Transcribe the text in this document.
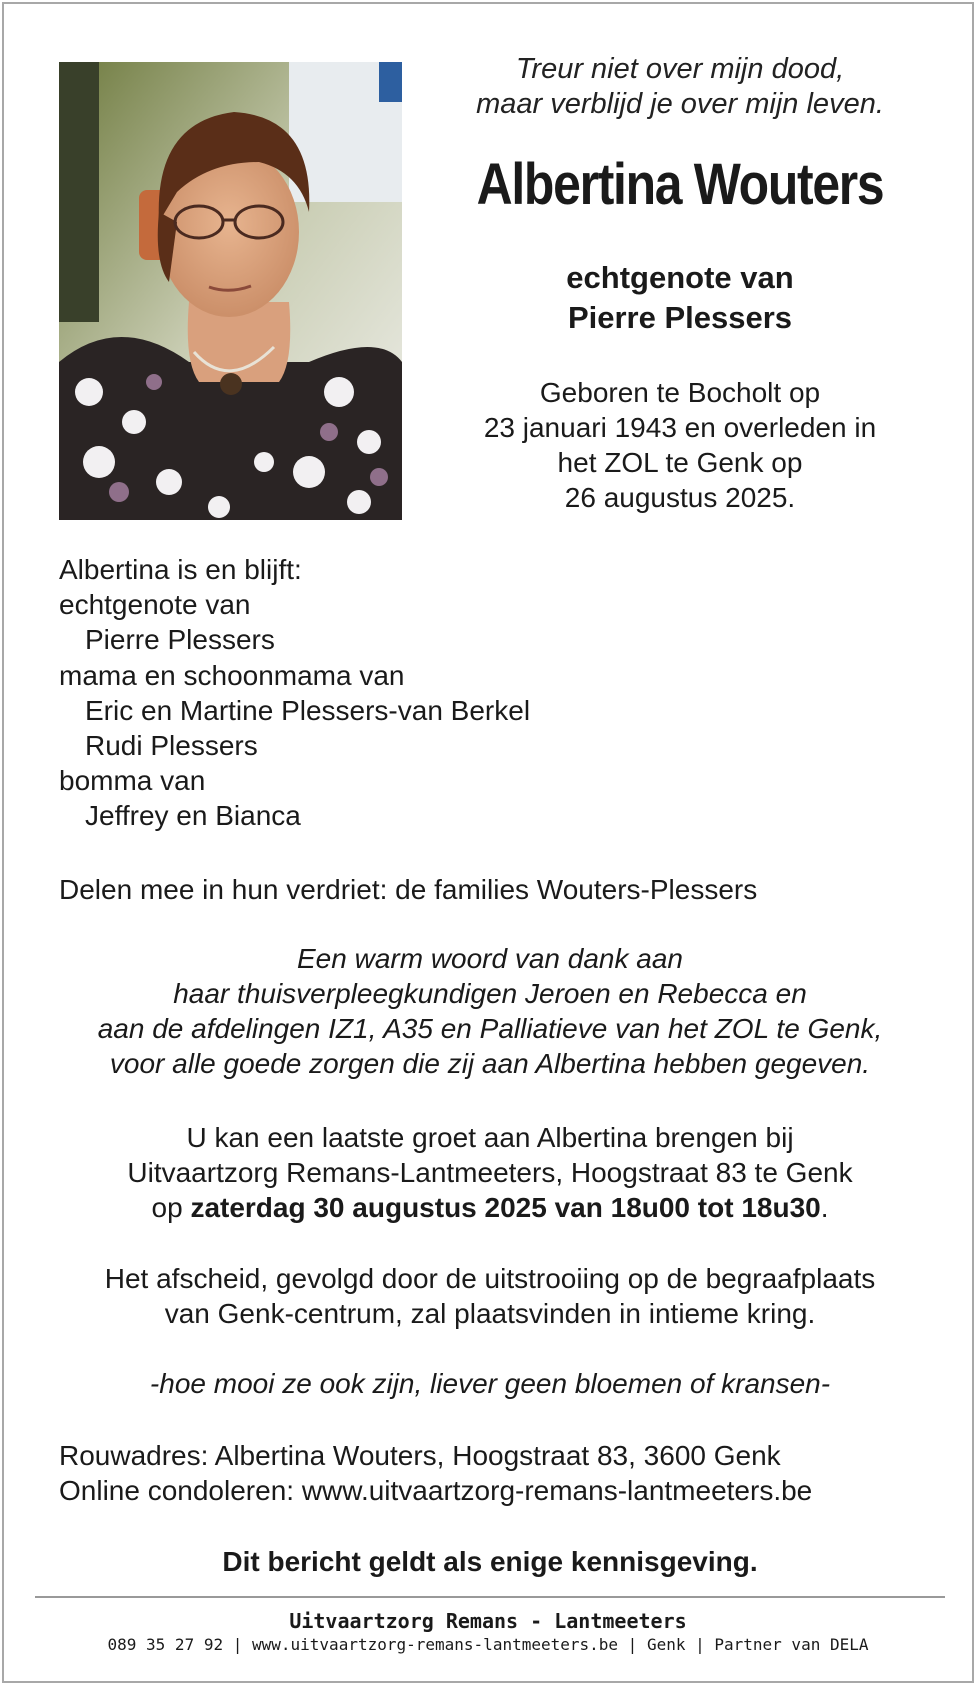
Treur niet over mijn dood,
maar verblijd je over mijn leven.
Albertina Wouters
echtgenote van
Pierre Plessers
Geboren te Bocholt op
23 januari 1943 en overleden in
het ZOL te Genk op
26 augustus 2025.
Albertina is en blijft:
echtgenote van
Pierre Plessers
mama en schoonmama van
Eric en Martine Plessers-van Berkel
Rudi Plessers
bomma van
Jeffrey en Bianca
Delen mee in hun verdriet: de families Wouters-Plessers
Een warm woord van dank aan
haar thuisverpleegkundigen Jeroen en Rebecca en
aan de afdelingen IZ1, A35 en Palliatieve van het ZOL te Genk,
voor alle goede zorgen die zij aan Albertina hebben gegeven.
U kan een laatste groet aan Albertina brengen bij
Uitvaartzorg Remans-Lantmeeters, Hoogstraat 83 te Genk
op zaterdag 30 augustus 2025 van 18u00 tot 18u30.
Het afscheid, gevolgd door de uitstrooiing op de begraafplaats
van Genk-centrum, zal plaatsvinden in intieme kring.
-hoe mooi ze ook zijn, liever geen bloemen of kransen-
Rouwadres: Albertina Wouters, Hoogstraat 83, 3600 Genk
Online condoleren: www.uitvaartzorg-remans-lantmeeters.be
Dit bericht geldt als enige kennisgeving.
Uitvaartzorg Remans - Lantmeeters
089 35 27 92 | www.uitvaartzorg-remans-lantmeeters.be | Genk | Partner van DELA
